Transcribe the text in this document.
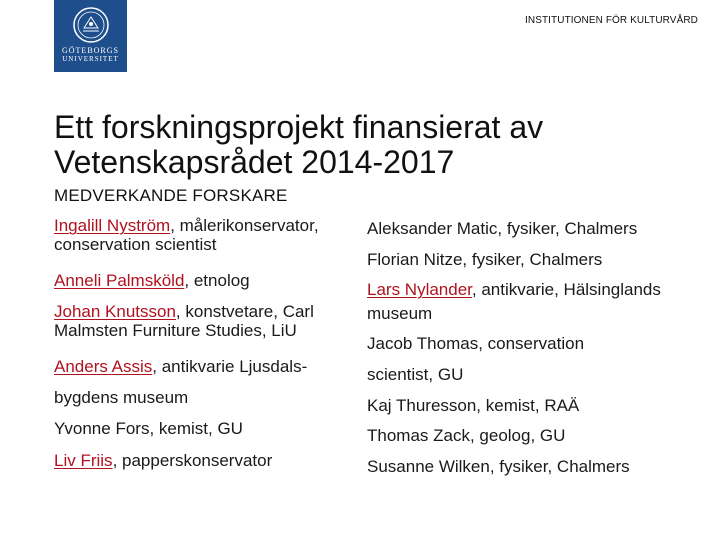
GÖTEBORGS
UNIVERSITET
INSTITUTIONEN FÖR KULTURVÅRD
Ett forskningsprojekt finansierat av
Vetenskapsrådet 2014-2017
MEDVERKANDE FORSKARE
Ingalill Nyström, målerikonservator,
conservation scientist
Anneli Palmsköld, etnolog
Johan Knutsson, konstvetare, Carl
Malmsten Furniture Studies, LiU
Anders Assis, antikvarie Ljusdals-
bygdens museum
Yvonne Fors, kemist, GU
Liv Friis, papperskonservator
Aleksander Matic, fysiker, Chalmers
Florian Nitze, fysiker, Chalmers
Lars Nylander, antikvarie, Hälsinglands
museum
Jacob Thomas, conservation
scientist, GU
Kaj Thuresson, kemist, RAÄ
Thomas Zack, geolog, GU
Susanne Wilken, fysiker, Chalmers
